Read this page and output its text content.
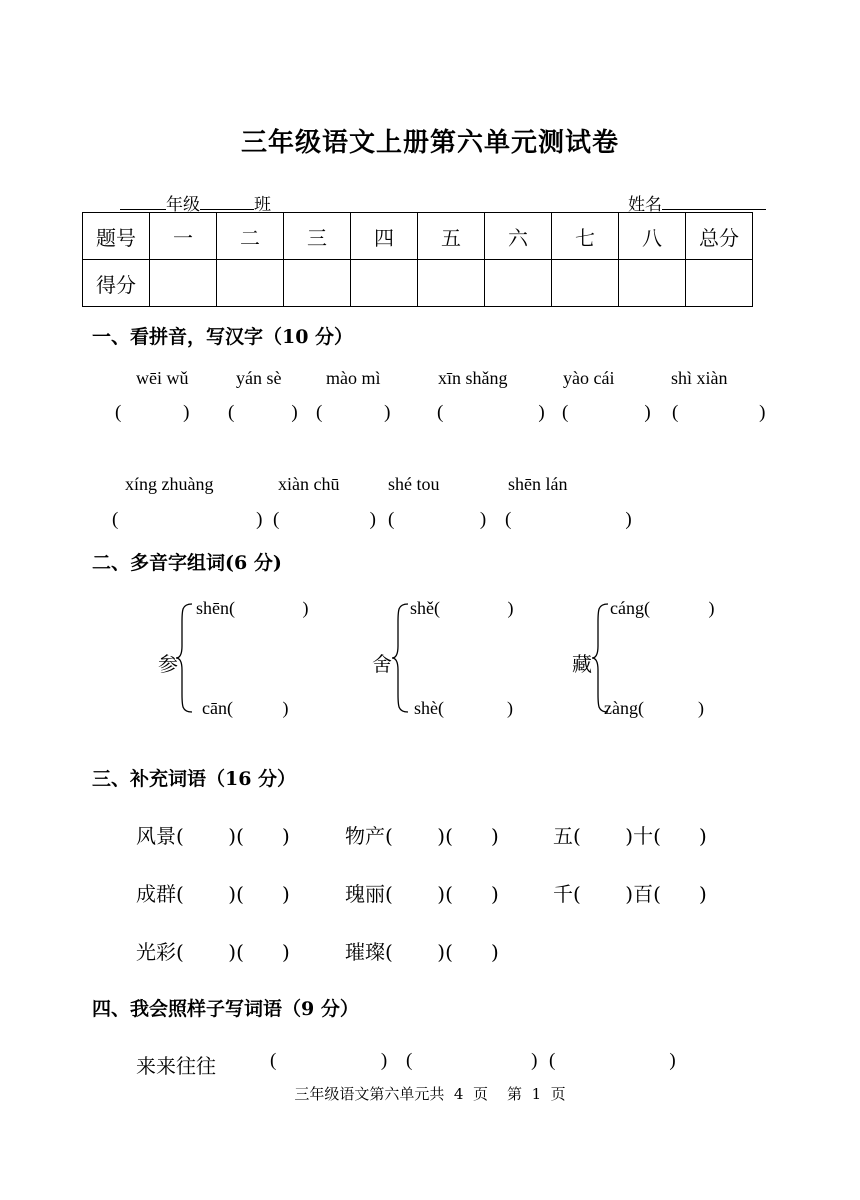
三年级语文上册第六单元测试卷
年级	班	姓名
题号	一	二	三	四	五	六	七	八	总分
得分									
一、看拼音，写汉字（10 分）
wēi wǔ	yán sè mào mì	xīn shǎng	yào cái	shì xiàn
(             ) (            ) (             ) (                    ) (                ) (                 )
xíng zhuàng	xiàn chū	shé tou	shēn lán
(                             ) (                   ) (                  ) (                        )
二、多音字组词(6 分)
参
shēn(               )
cān(           )
舍
shě(               )
shè(              )
藏
cáng(             )
zàng(            )
三、补充词语（16 分）
风景(       )(      )	物产(       )(      )	五(       )十(      )
成群(       )(      )	瑰丽(       )(      )	千(       )百(      )
光彩(       )(      )	璀璨(       )(      )
四、我会照样子写词语（9 分）
来来往往	(                      ) (                         ) (                        )
三年级语文第六单元共  4  页    第  1  页
